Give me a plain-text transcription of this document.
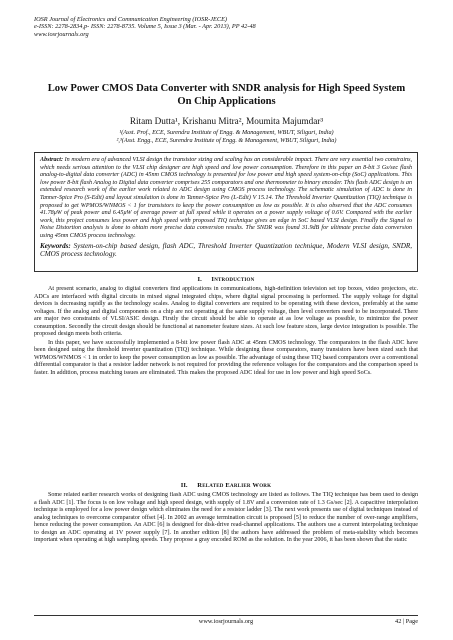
IOSR Journal of Electronics and Communication Engineering (IOSR-JECE)
e-ISSN: 2278-2834,p- ISSN: 2278-8735. Volume 5, Issue 3 (Mar. - Apr. 2013), PP 42-48
www.iosrjournals.org
Low Power CMOS Data Converter with SNDR analysis for High Speed System On Chip Applications
Ritam Dutta¹, Krishanu Mitra², Moumita Majumdar³
¹(Asst. Prof., ECE, Surendra Institute of Engg. & Management, WBUT, Siliguri, India)
²,³(Asst. Engg., ECE, Surendra Institute of Engg. & Management, WBUT, Siliguri, India)
Abstract: In modern era of advanced VLSI design the transistor sizing and scaling has an considerable impact. There are very essential two constrains, which needs serious attention to the VLSI chip designer are high speed and low power consumption. Therefore in this paper an 8-bit 3 Gs/sec flash analog-to-digital data converter (ADC) in 45nm CMOS technology is presented for low power and high speed system-on-chip (SoC) applications. This low power 8-bit flash Analog to Digital data converter comprises 255 comparators and one thermometer to binary encoder. This flash ADC design is an extended research work of the earlier work related to ADC design using CMOS process technology. The schematic simulation of ADC is done in Tanner-Spice Pro (S-Edit) and layout simulation is done in Tanner-Spice Pro (L-Edit) V 15.14. The Threshold Inverter Quantization (TIQ) technique is proposed to get WPMOS/WNMOS < 1 for transistors to keep the power consumption as low as possible. It is also observed that the ADC consumes 41.78μW of peak power and 6.45μW of average power at full speed while it operates on a power supply voltage of 0.6V. Compared with the earlier work, this project consumes less power and high speed with proposed TIQ technique gives an edge in SoC based VLSI design. Finally the Signal to Noise Distortion analysis is done to obtain more precise data conversion results. The SNDR was found 31.9dB for ultimate precise data conversion using 45nm CMOS process technology.
Keywords: System-on-chip based design, flash ADC, Threshold Inverter Quantization technique, Modern VLSI design, SNDR, CMOS process technology.
I. Introduction

At present scenario, analog to digital converters find applications in communications, high-definition television set top boxes, video projectors, etc. ADCs are interfaced with digital circuits in mixed signal integrated chips, where digital signal processing is performed. The supply voltage for digital devices is decreasing rapidly as the technology scales. Analog to digital converters are required to be operating with these devices, preferably at the same voltages. If the analog and digital components on a chip are not operating at the same supply voltage, then level converters need to be incorporated. There are major two constraints of VLSI/ASIC design. Firstly the circuit should be able to operate at as low voltage as possible, to minimize the power consumption. Secondly the circuit design should be functional at nanometer feature sizes. At such low feature sizes, large device integration is possible. The proposed design meets both criteria.

In this paper, we have successfully implemented a 8-bit low power flash ADC at 45nm CMOS technology. The comparators in the flash ADC have been designed using the threshold inverter quantization (TIQ) technique. While designing these comparators, many transistors have been sized such that WPMOS/WNMOS < 1 in order to keep the power consumption as low as possible. The advantage of using these TIQ based comparators over a conventional differential comparator is that a resistor ladder network is not required for providing the reference voltages for the comparators and the comparison speed is faster. In addition, process matching issues are eliminated. This makes the proposed ADC ideal for use in low power and high speed SoCs.

II. Related Earlier Work

Some related earlier research works of designing flash ADC using CMOS technology are listed as follows. The TIQ technique has been used to design a flash ADC [1]. The focus is on low voltage and high speed design, with supply of 1.8V and a conversion rate of 1.3 Gs/sec [2]. A capacitive interpolation technique is employed for a low power design which eliminates the need for a resistor ladder [3]. The next work presents use of digital techniques instead of analog techniques to overcome comparator offset [4]. In 2002 an average termination circuit is proposed [5] to reduce the number of over-range amplifiers, hence reducing the power consumption. An ADC [6] is designed for disk-drive read-channel applications. The authors use a current interpolating technique to design an ADC operating at 1V power supply [7]. In another edition [8] the authors have addressed the problem of meta-stability which becomes important when operating at high sampling speeds. They propose a gray encoded ROM as the solution. In the year 2006, it has been shown that the static

www.iosrjournals.org	42 | Page
